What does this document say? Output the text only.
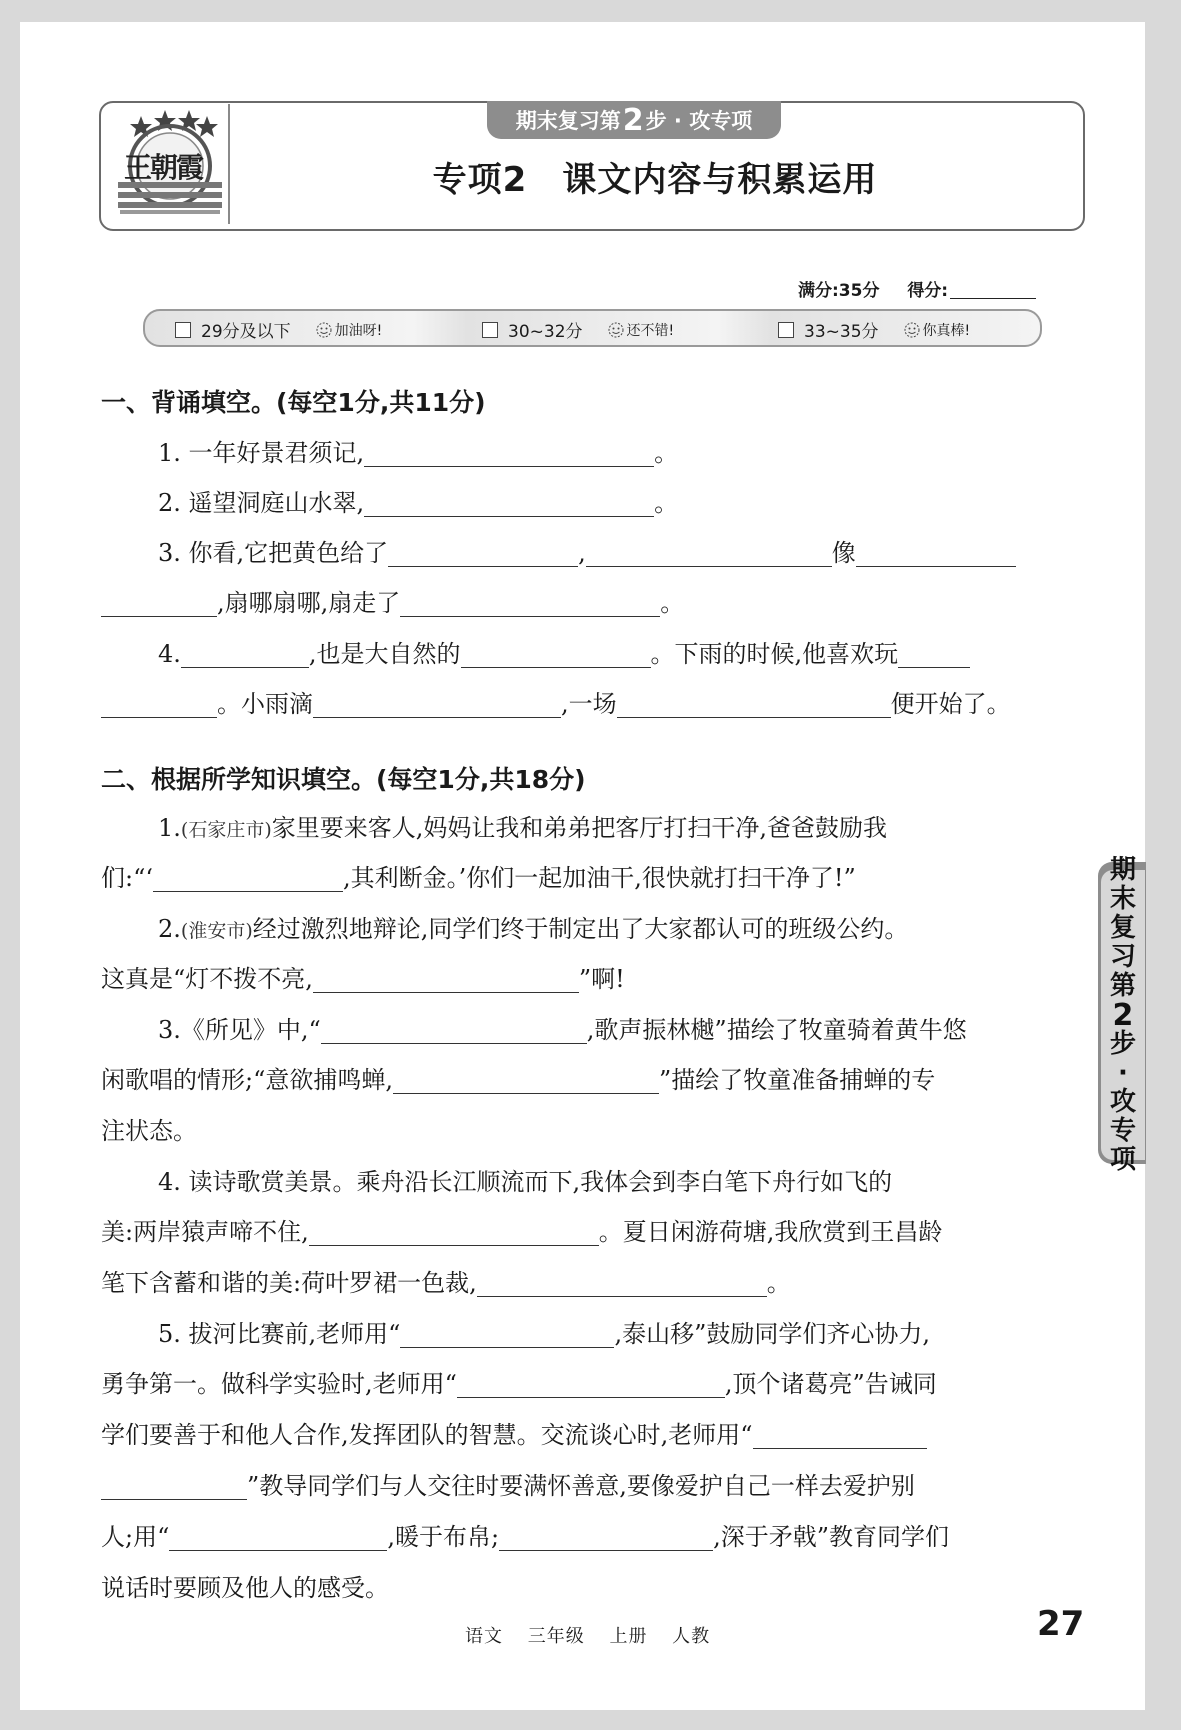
王朝霞
期末复习第 2 步 · 攻专项
专项2　课文内容与积累运用
满分:35分 得分:
29分及以下	加油呀!	30~32分	还不错!	33~35分	你真棒!
一、背诵填空。(每空1分,共11分)
1. 一年好景君须记,	。
2. 遥望洞庭山水翠,	。
3. 你看,它把黄色给了	,	像
,扇哪扇哪,扇走了	。
4.	,也是大自然的	。下雨的时候,他喜欢玩
。小雨滴	,一场	便开始了。
二、根据所学知识填空。(每空1分,共18分)
1.(石家庄市)家里要来客人,妈妈让我和弟弟把客厅打扫干净,爸爸鼓励我
们:“‘	,其利断金。’你们一起加油干,很快就打扫干净了!”
2.(淮安市)经过激烈地辩论,同学们终于制定出了大家都认可的班级公约。
这真是“灯不拨不亮,	”啊!
3.《所见》中,“	,歌声振林樾”描绘了牧童骑着黄牛悠
闲歌唱的情形;“意欲捕鸣蝉,	”描绘了牧童准备捕蝉的专
注状态。
4. 读诗歌赏美景。乘舟沿长江顺流而下,我体会到李白笔下舟行如飞的
美:两岸猿声啼不住,	。夏日闲游荷塘,我欣赏到王昌龄
笔下含蓄和谐的美:荷叶罗裙一色裁,	。
5. 拔河比赛前,老师用“	,泰山移”鼓励同学们齐心协力,
勇争第一。做科学实验时,老师用“	,顶个诸葛亮”告诫同
学们要善于和他人合作,发挥团队的智慧。交流谈心时,老师用“
”教导同学们与人交往时要满怀善意,要像爱护自己一样去爱护别
人;用“	,暖于布帛;	,深于矛戟”教育同学们
说话时要顾及他人的感受。
期
末
复
习
第
2
步
·
攻
专
项
语文 三年级 上册 人教	27
